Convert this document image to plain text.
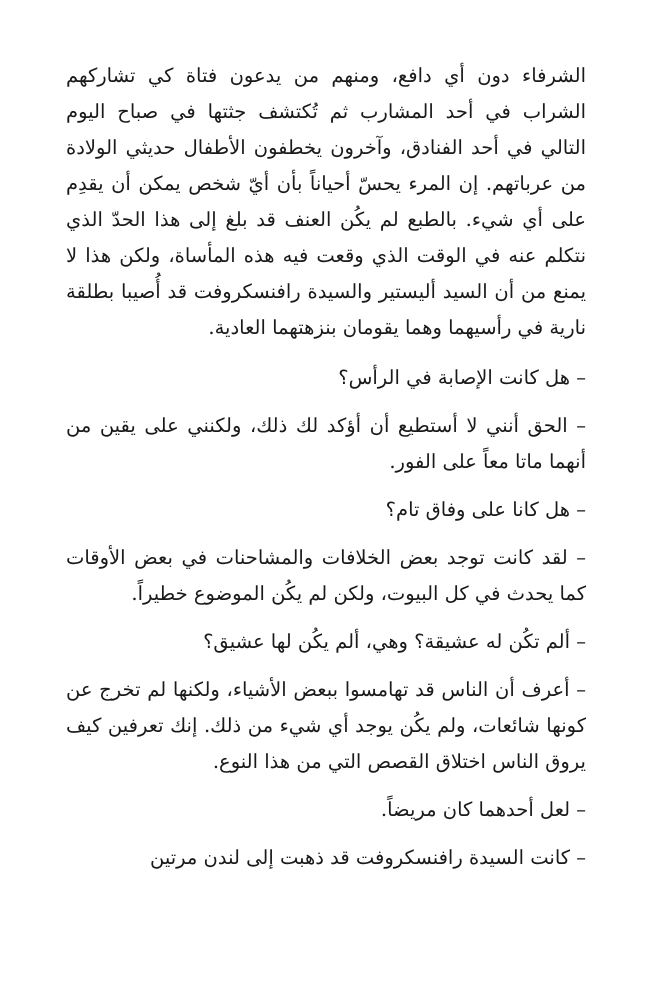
الشرفاء دون أي دافع، ومنهم من يدعون فتاة كي تشاركهم الشراب في أحد المشارب ثم تُكتشف جثتها في صباح اليوم التالي في أحد الفنادق، وآخرون يخطفون الأطفال حديثي الولادة من عرباتهم. إن المرء يحسّ أحياناً بأن أيّ شخص يمكن أن يقدِم على أي شيء. بالطبع لم يكُن العنف قد بلغ إلى هذا الحدّ الذي نتكلم عنه في الوقت الذي وقعت فيه هذه المأساة، ولكن هذا لا يمنع من أن السيد أليستير والسيدة رافنسكروفت قد أُصيبا بطلقة نارية في رأسيهما وهما يقومان بنزهتهما العادية.

– هل كانت الإصابة في الرأس؟

– الحق أنني لا أستطيع أن أؤكد لك ذلك، ولكنني على يقين من أنهما ماتا معاً على الفور.

– هل كانا على وفاق تام؟

– لقد كانت توجد بعض الخلافات والمشاحنات في بعض الأوقات كما يحدث في كل البيوت، ولكن لم يكُن الموضوع خطيراً.

– ألم تكُن له عشيقة؟ وهي، ألم يكُن لها عشيق؟

– أعرف أن الناس قد تهامسوا ببعض الأشياء، ولكنها لم تخرج عن كونها شائعات، ولم يكُن يوجد أي شيء من ذلك. إنك تعرفين كيف يروق الناس اختلاق القصص التي من هذا النوع.

– لعل أحدهما كان مريضاً.

– كانت السيدة رافنسكروفت قد ذهبت إلى لندن مرتين
